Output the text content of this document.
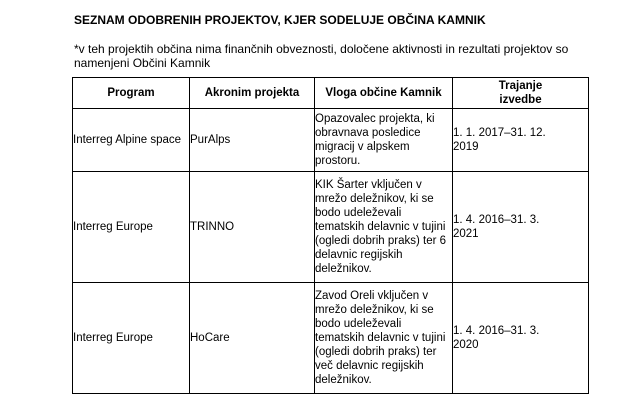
SEZNAM ODOBRENIH PROJEKTOV, KJER SODELUJE OBČINA KAMNIK
*v teh projektih občina nima finančnih obveznosti, določene aktivnosti in rezultati projektov so namenjeni Občini Kamnik
Program	Akronim projekta	Vloga občine Kamnik	Trajanje izvedbe

Interreg Alpine space	PurAlps	Opazovalec projekta, ki obravnava posledice migracij v alpskem prostoru.	1. 1. 2017–31. 12. 2019

Interreg Europe	TRINNO	KIK Šarter vključen v mrežo deležnikov, ki se bodo udeleževali tematskih delavnic v tujini (ogledi dobrih praks) ter 6 delavnic regijskih deležnikov.	1. 4. 2016–31. 3. 2021

Interreg Europe	HoCare	Zavod Oreli vključen v mrežo deležnikov, ki se bodo udeleževali tematskih delavnic v tujini (ogledi dobrih praks) ter več delavnic regijskih deležnikov.	1. 4. 2016–31. 3. 2020
